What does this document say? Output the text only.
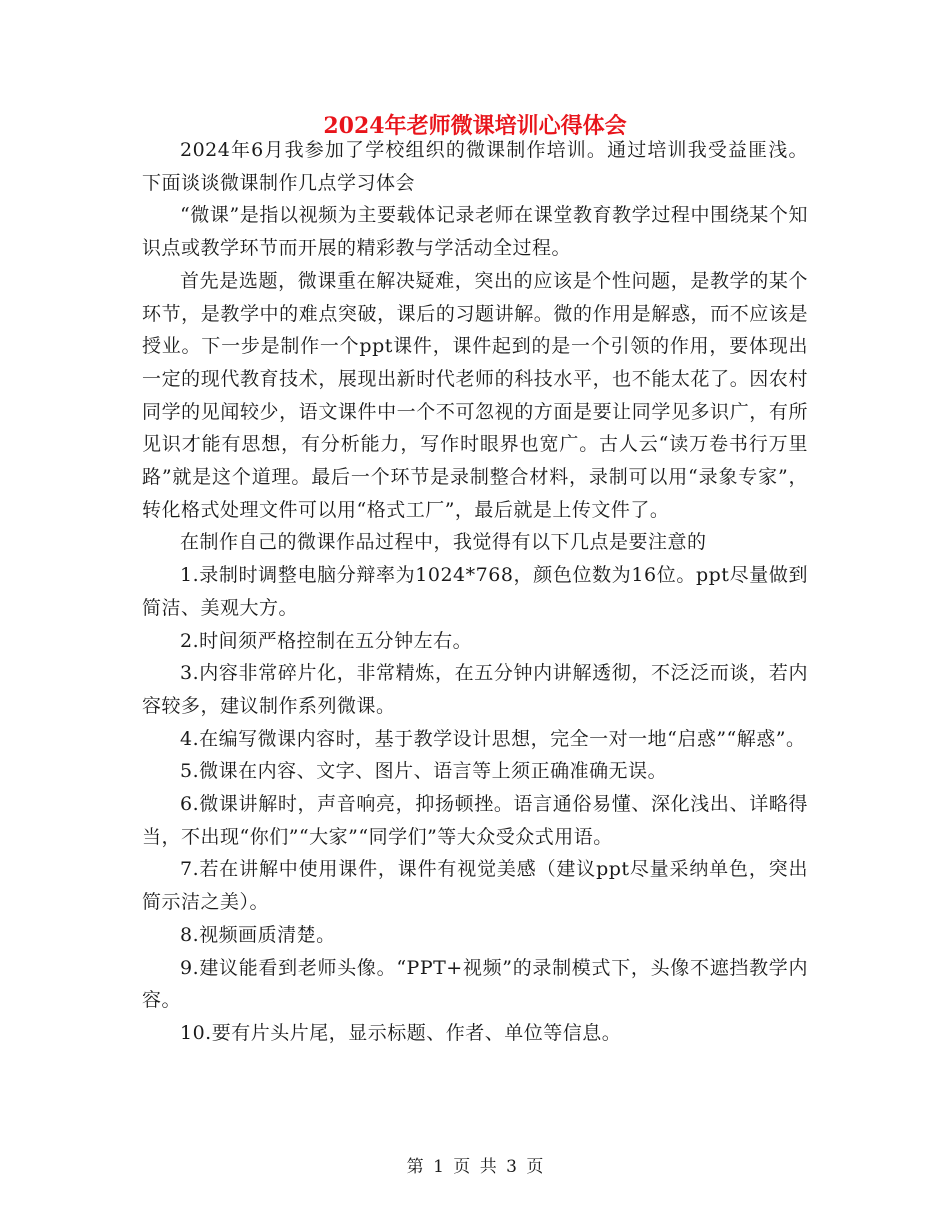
2024年老师微课培训心得体会

2024年6月我参加了学校组织的微课制作培训。通过培训我受益匪浅。下面谈谈微课制作几点学习体会

“微课”是指以视频为主要载体记录老师在课堂教育教学过程中围绕某个知识点或教学环节而开展的精彩教与学活动全过程。

首先是选题，微课重在解决疑难，突出的应该是个性问题，是教学的某个环节，是教学中的难点突破，课后的习题讲解。微的作用是解惑，而不应该是授业。下一步是制作一个ppt课件，课件起到的是一个引领的作用，要体现出一定的现代教育技术，展现出新时代老师的科技水平，也不能太花了。因农村同学的见闻较少，语文课件中一个不可忽视的方面是要让同学见多识广，有所见识才能有思想，有分析能力，写作时眼界也宽广。古人云“读万卷书行万里路”就是这个道理。最后一个环节是录制整合材料，录制可以用“录象专家”，转化格式处理文件可以用“格式工厂”，最后就是上传文件了。

在制作自己的微课作品过程中，我觉得有以下几点是要注意的

1.录制时调整电脑分辩率为1024*768，颜色位数为16位。ppt尽量做到简洁、美观大方。

2.时间须严格控制在五分钟左右。

3.内容非常碎片化，非常精炼，在五分钟内讲解透彻，不泛泛而谈，若内容较多，建议制作系列微课。

4.在编写微课内容时，基于教学设计思想，完全一对一地“启惑”“解惑”。

5.微课在内容、文字、图片、语言等上须正确准确无误。

6.微课讲解时，声音响亮，抑扬顿挫。语言通俗易懂、深化浅出、详略得当，不出现“你们”“大家”“同学们”等大众受众式用语。

7.若在讲解中使用课件，课件有视觉美感（建议ppt尽量采纳单色，突出简示洁之美）。

8.视频画质清楚。

9.建议能看到老师头像。“PPT+视频”的录制模式下，头像不遮挡教学内容。

10.要有片头片尾，显示标题、作者、单位等信息。

第 1 页 共 3 页
